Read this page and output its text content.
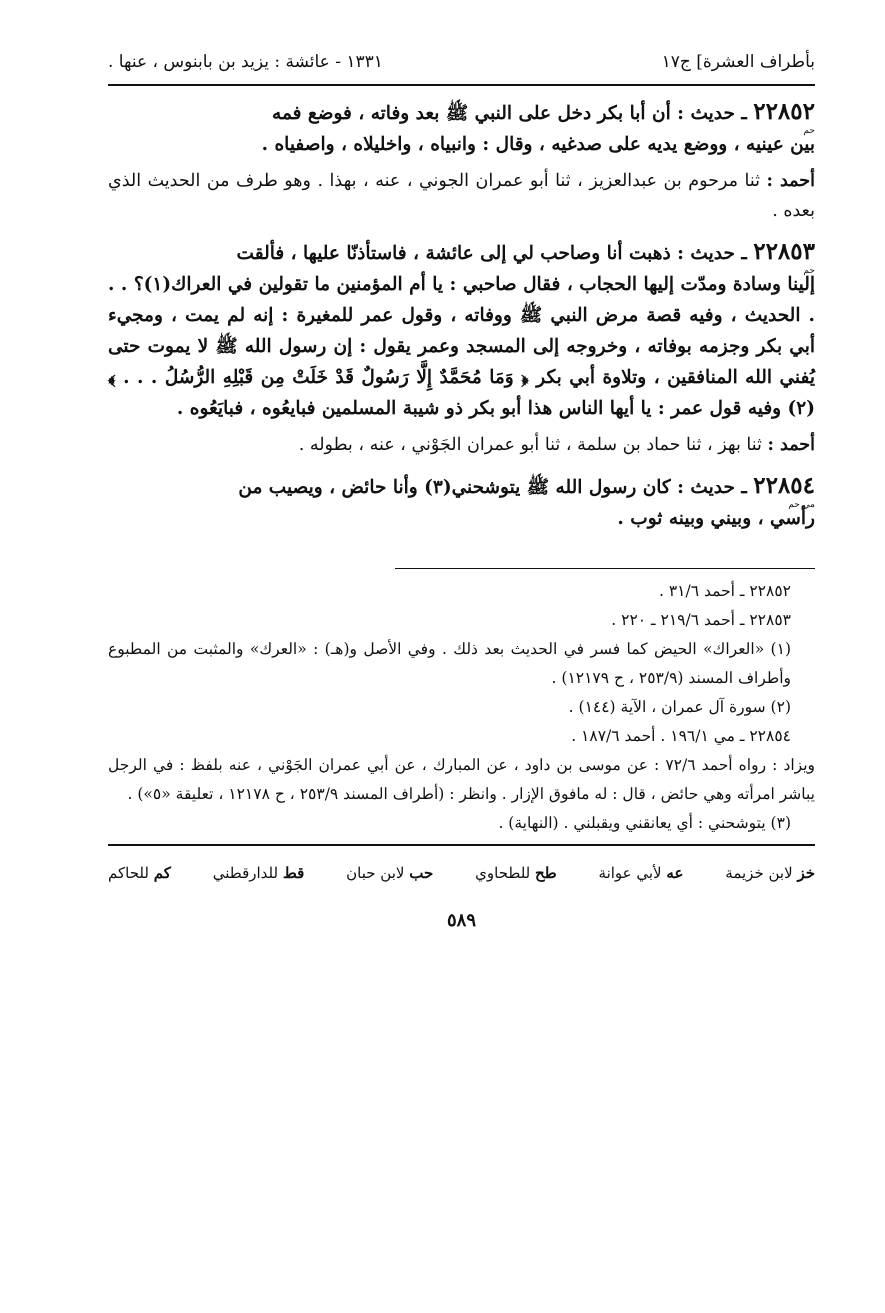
بأطراف العشرة] ج١٧
١٣٣١ - عائشة : يزيد بن بابنوس ، عنها .

٢٢٨٥٢ ـ حديث : أن أبا بكر دخل على النبي ﷺ بعد وفاته ، فوضع فمه

حم

بين عينيه ، ووضع يديه على صدغيه ، وقال : وانبياه ، واخليلاه ، واصفياه .

أحمد : ثنا مرحوم بن عبدالعزيز ، ثنا أبو عمران الجوني ، عنه ، بهذا . وهو طرف من الحديث الذي بعده .

٢٢٨٥٣ ـ حديث : ذهبت أنا وصاحب لي إلى عائشة ، فاستأذنّا عليها ، فألقت

حم

إلينا وسادة ومدّت إليها الحجاب ، فقال صاحبي : يا أم المؤمنين ما تقولين في العراك(١)؟ . . . الحديث ، وفيه قصة مرض النبي ﷺ ووفاته ، وقول عمر للمغيرة : إنه لم يمت ، ومجيء أبي بكر وجزمه بوفاته ، وخروجه إلى المسجد وعمر يقول : إن رسول الله ﷺ لا يموت حتى يُفني الله المنافقين ، وتلاوة أبي بكر ﴿ وَمَا مُحَمَّدٌ إِلَّا رَسُولٌ قَدْ خَلَتْ مِن قَبْلِهِ الرُّسُلُ . . . ﴾(٢) وفيه قول عمر : يا أيها الناس هذا أبو بكر ذو شيبة المسلمين فبايعُوه ، فبايَعُوه .

أحمد : ثنا بهز ، ثنا حماد بن سلمة ، ثنا أبو عمران الجَوْني ، عنه ، بطوله .

٢٢٨٥٤ ـ حديث : كان رسول الله ﷺ يتوشحني(٣) وأنا حائض ، ويصيب من

مي حم

رأسي ، وبيني وبينه ثوب .

٢٢٨٥٢ ـ أحمد ٣١/٦ .

٢٢٨٥٣ ـ أحمد ٢١٩/٦ ـ ٢٢٠ .

(١) «العراك» الحيض كما فسر في الحديث بعد ذلك . وفي الأصل و(هـ) : «العرك» والمثبت من المطبوع وأطراف المسند (٢٥٣/٩ ، ح ١٢١٧٩) .

(٢) سورة آل عمران ، الآية (١٤٤) .

٢٢٨٥٤ ـ مي ١٩٦/١ . أحمد ١٨٧/٦ .

ويزاد : رواه أحمد ٧٢/٦ : عن موسى بن داود ، عن المبارك ، عن أبي عمران الجَوْني ، عنه بلفظ : في الرجل يباشر امرأته وهي حائض ، قال : له مافوق الإزار . وانظر : (أطراف المسند ٢٥٣/٩ ، ح ١٢١٧٨ ، تعليقة «٥») .

(٣) يتوشحني : أي يعانقني ويقبلني . (النهاية) .

خز لابن خزيمة
عه لأبي عوانة
طح للطحاوي
حب لابن حبان
قط للدارقطني
كم للحاكم
٥٨٩
